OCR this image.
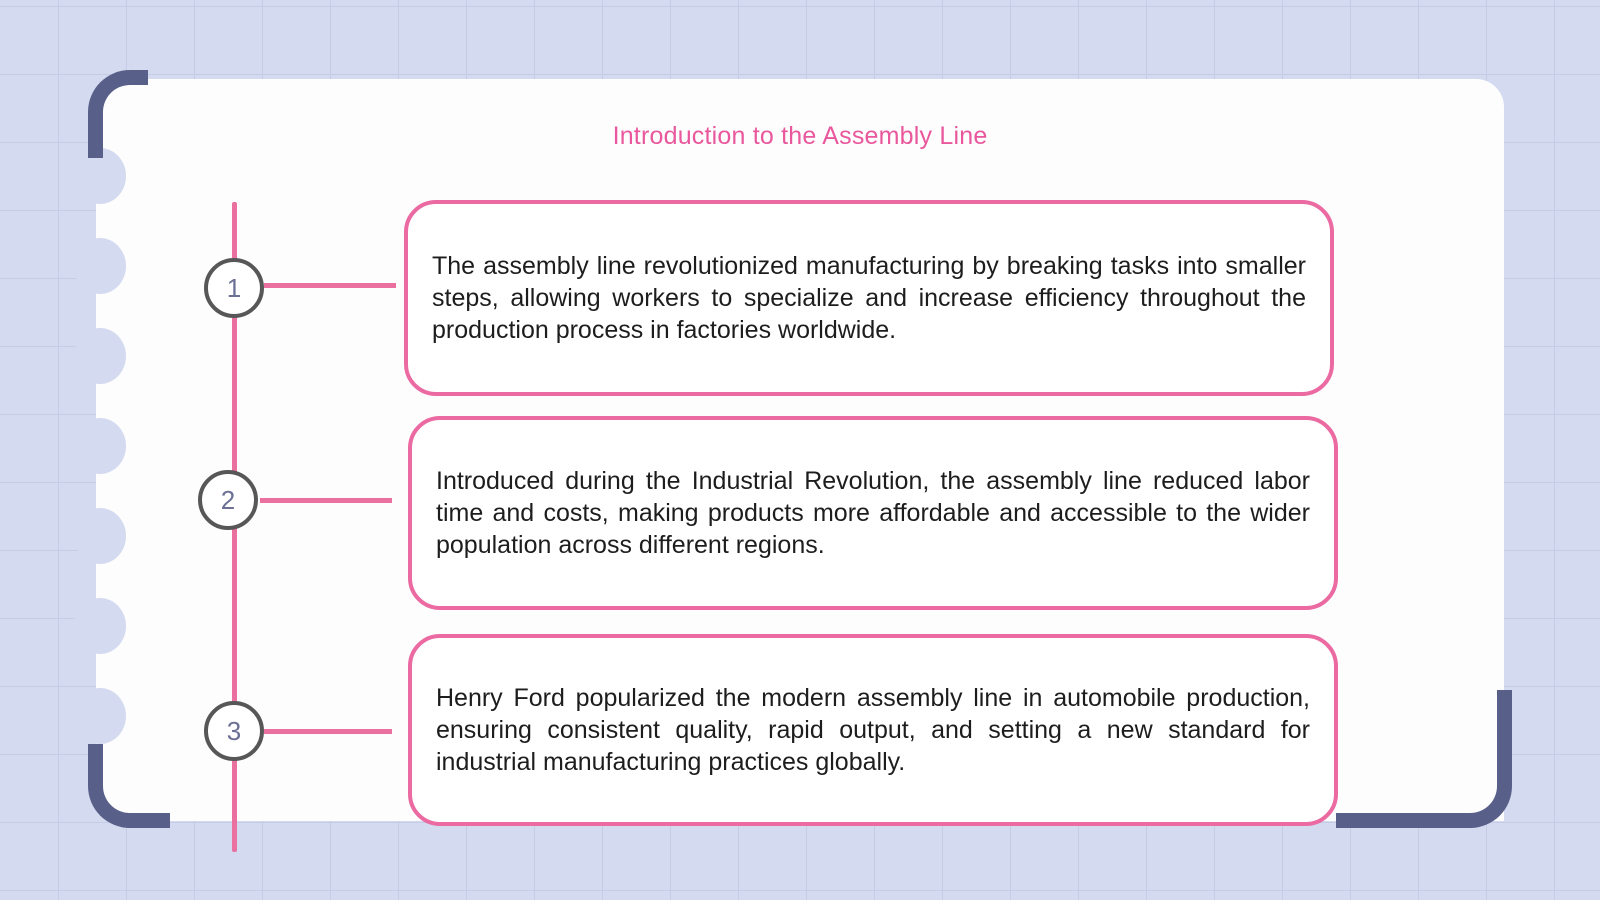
Introduction to the Assembly Line
1
2
3

The assembly line revolutionized manufacturing by breaking tasks into smaller steps, allowing workers to specialize and increase efficiency throughout the production process in factories worldwide.

Introduced during the Industrial Revolution, the assembly line reduced labor time and costs, making products more affordable and accessible to the wider population across different regions.

Henry Ford popularized the modern assembly line in automobile production, ensuring consistent quality, rapid output, and setting a new standard for industrial manufacturing practices globally.
